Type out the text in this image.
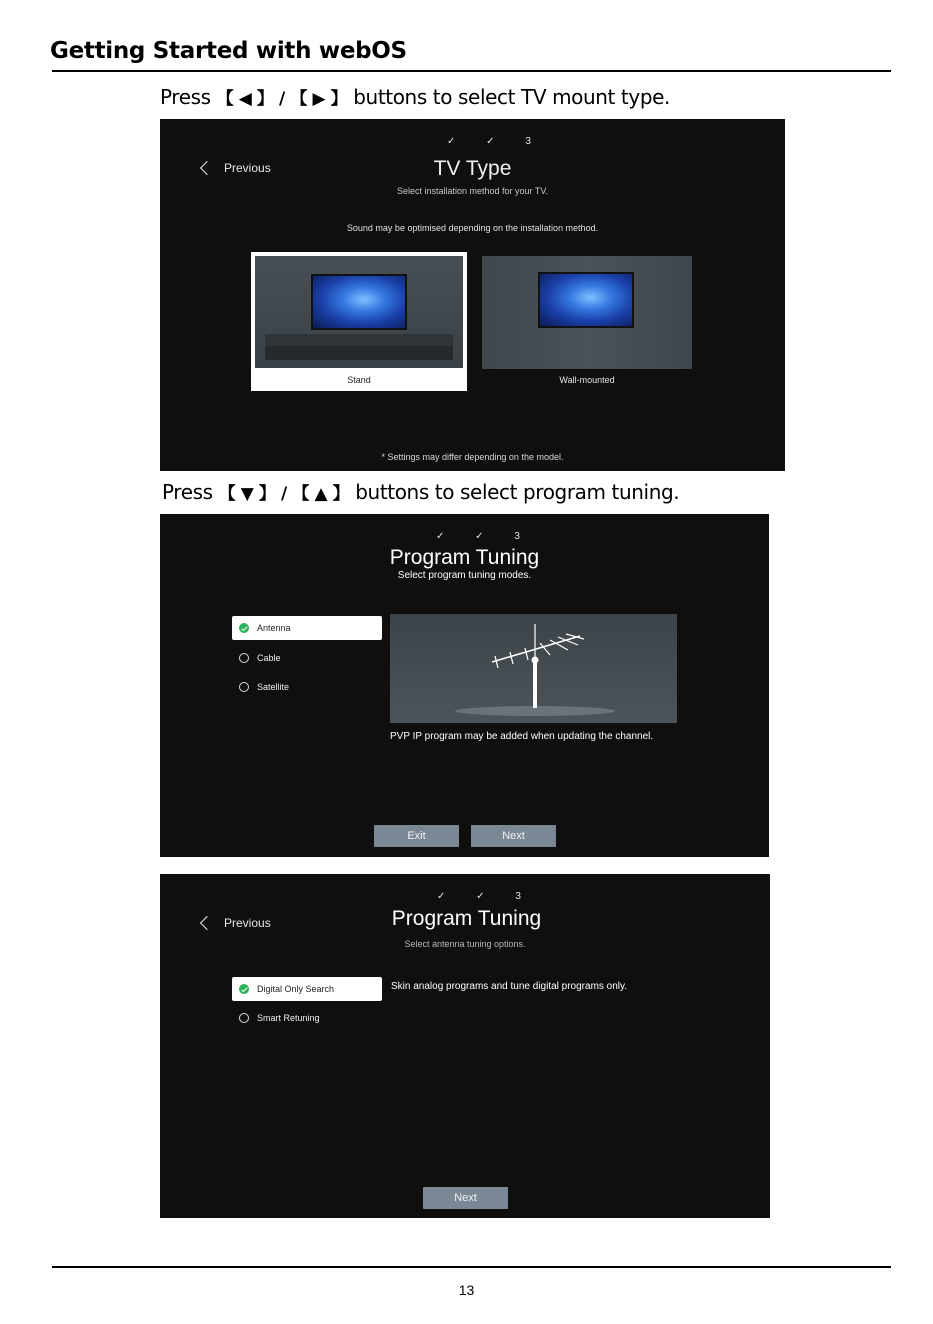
Getting Started with webOS
Press 【 ◀ 】 / 【 ▶ 】 buttons to select TV mount type.
✓ ✓ 3
Previous	TV Type
Select installation method for your TV.
Sound may be optimised depending on the installation method.
Stand	Wall-mounted
* Settings may differ depending on the model.
Press 【 ▼ 】 / 【 ▲ 】 buttons to select program tuning.
✓ ✓ 3
Program Tuning
Select program tuning modes.
Antenna
Cable
Satellite
PVP IP program may be added when updating the channel.
Exit	Next
✓ ✓ 3
Previous	Program Tuning
Select antenna tuning options.
Digital Only Search
Smart Retuning
Skin analog programs and tune digital programs only.
Next
13
